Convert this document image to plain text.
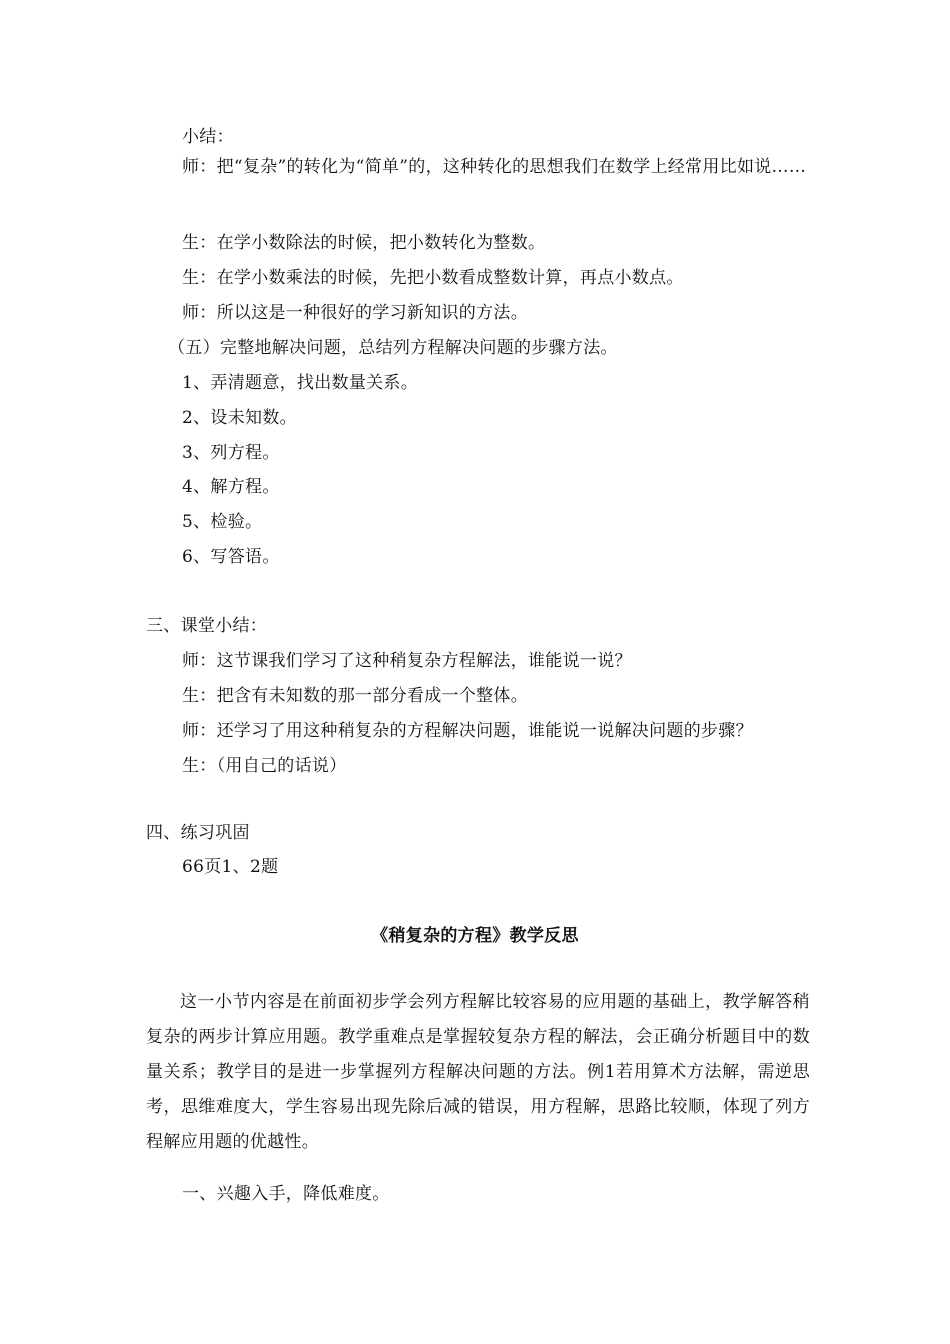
小结：
师：把“复杂”的转化为“简单”的，这种转化的思想我们在数学上经常用比如说……
生：在学小数除法的时候，把小数转化为整数。
生：在学小数乘法的时候，先把小数看成整数计算，再点小数点。
师：所以这是一种很好的学习新知识的方法。
（五）完整地解决问题，总结列方程解决问题的步骤方法。
1、弄清题意，找出数量关系。
2、设未知数。
3、列方程。
4、解方程。
5、检验。
6、写答语。
三、课堂小结：
师：这节课我们学习了这种稍复杂方程解法，谁能说一说？
生：把含有未知数的那一部分看成一个整体。
师：还学习了用这种稍复杂的方程解决问题，谁能说一说解决问题的步骤？
生：（用自己的话说）
四、练习巩固
66页1、2题
《稍复杂的方程》教学反思
这一小节内容是在前面初步学会列方程解比较容易的应用题的基础上，教学解答稍复杂的两步计算应用题。教学重难点是掌握较复杂方程的解法，会正确分析题目中的数量关系；教学目的是进一步掌握列方程解决问题的方法。例1若用算术方法解，需逆思考，思维难度大，学生容易出现先除后减的错误，用方程解，思路比较顺，体现了列方程解应用题的优越性。
一、兴趣入手，降低难度。
